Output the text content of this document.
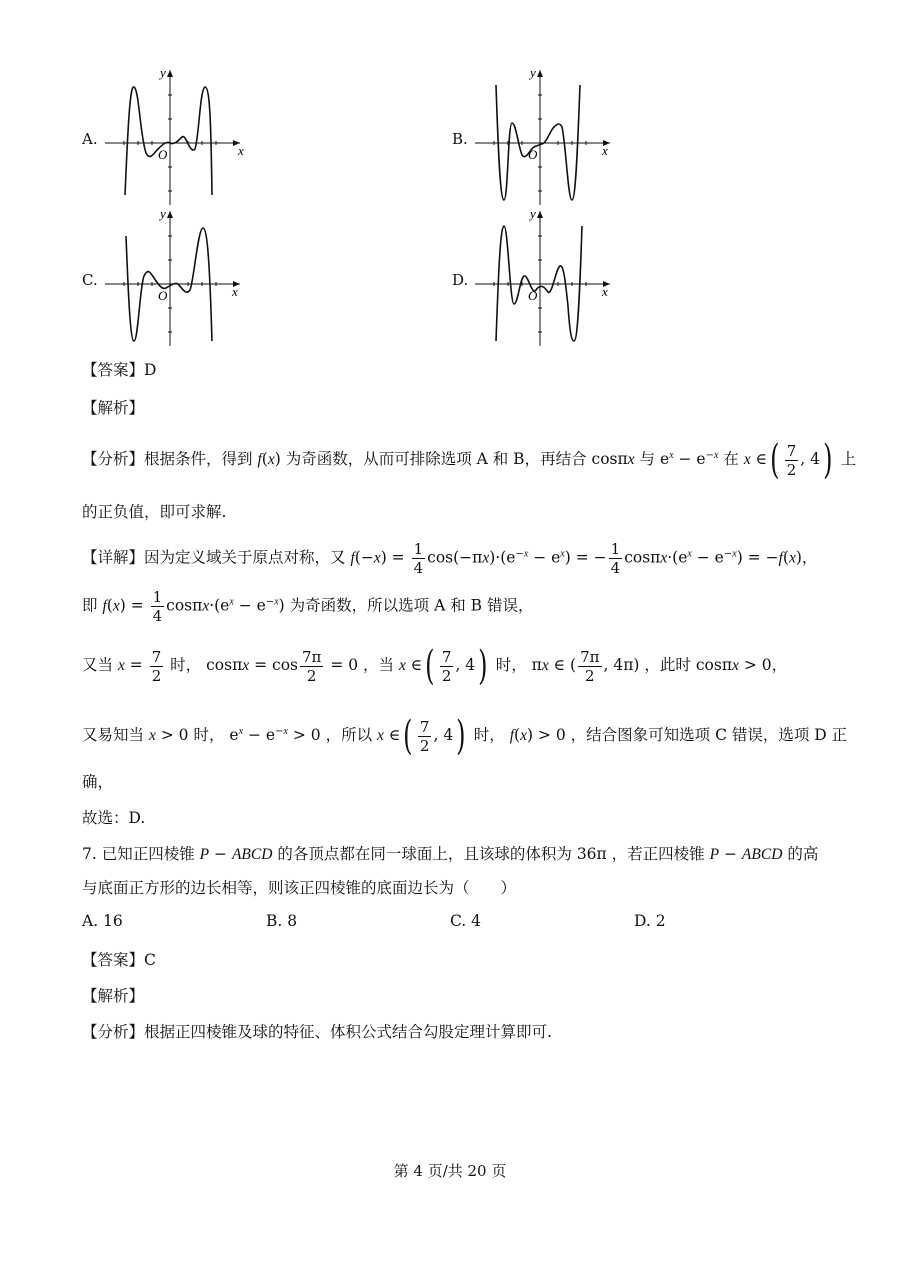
A.
x
y
O
B.
x
y
O
C.
x
y
O
D.
x
y
O
【答案】D
【解析】
【分析】根据条件，得到 f(x) 为奇函数，从而可排除选项 A 和 B，再结合 cosπx 与 $e^x - e^{-x}$ 在 x ∈( $\frac{7}{2}$ , 4) 上
的正负值，即可求解.
【详解】因为定义域关于原点对称，又 $f(-x) = \frac{1}{4} \cos(-\pi x)\cdot(e^{-x} - e^x)$ = − $\frac{1}{4} \cos\pi x\cdot(e^x - e^{-x}) = -f(x)$，
即 $f(x) = \frac{1}{4} \cos\pi x\cdot(e^x - e^{-x})$ 为奇函数，所以选项 A 和 B 错误，
又当 $x = \frac{7}{2}$ 时， $\cos\pi x = \cos \frac{7\pi}{2} = 0$ ，当 x ∈( $\frac{7}{2}$ , 4) 时， πx ∈ ( $\frac{7\pi}{2}$ , 4π) ，此时 cosπx > 0，
又易知当 x > 0 时， $e^x - e^{-x} > 0$ ，所以 x ∈( $\frac{7}{2}$ , 4) 时， f(x) > 0 ，结合图象可知选项 C 错误，选项 D 正
确，
故选：D.
7. 已知正四棱锥 P − ABCD 的各顶点都在同一球面上，且该球的体积为 36π ，若正四棱锥 P − ABCD 的高
与底面正方形的边长相等，则该正四棱锥的底面边长为（　　）
A. 16	B. 8	C. 4	D. 2
【答案】C
【解析】
【分析】根据正四棱锥及球的特征、体积公式结合勾股定理计算即可.
第 4 页/共 20 页
